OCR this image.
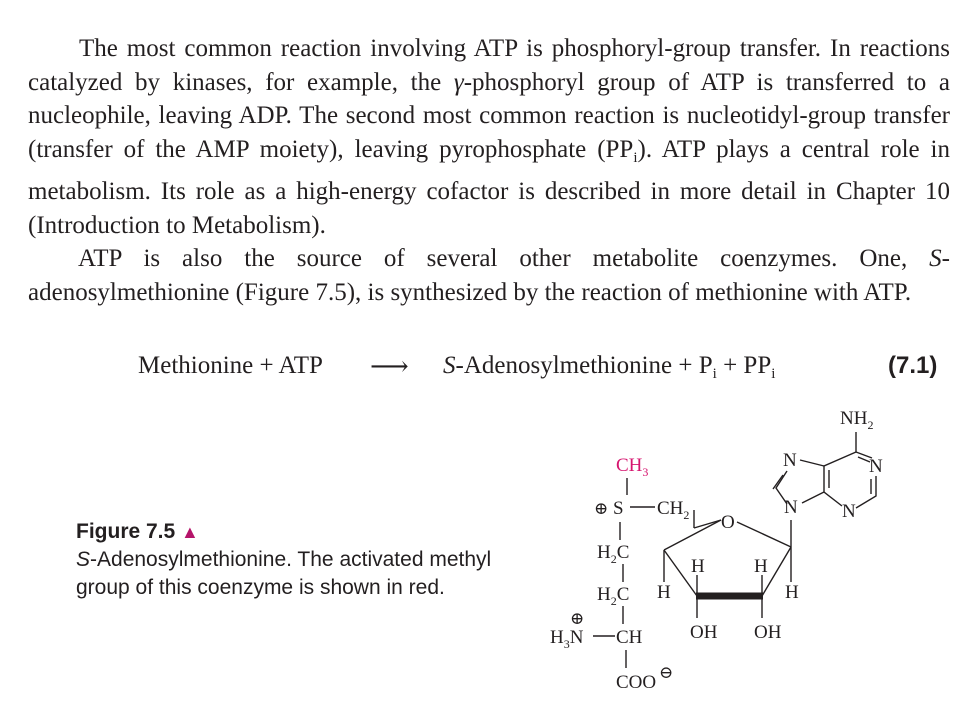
The most common reaction involving ATP is phosphoryl-group transfer. In reactions catalyzed by kinases, for example, the γ-phosphoryl group of ATP is transferred to a nucleophile, leaving ADP. The second most common reaction is nucleotidyl-group transfer (transfer of the AMP moiety), leaving pyrophosphate $(PP_i)$. ATP plays a central role in metabolism. Its role as a high-energy cofactor is described in more detail in Chapter 10 (Introduction to Metabolism).

ATP is also the source of several other metabolite coenzymes. One, S-adenosylmethionine (Figure 7.5), is synthesized by the reaction of methionine with ATP.

Methionine + ATP ⟶ S-Adenosylmethionine + $P_i + PP_i$	(7.1)
Figure 7.5 ▲
S-Adenosylmethionine. The activated methyl group of this coenzyme is shown in red.
$CH_3$
⊕ S $CH_2$
$H_2C$
$H_2C$
⊕
$H_3N$ CH
COO ⊖
O
H
H	H
H
OH OH
$NH_2$
N	N
N N
